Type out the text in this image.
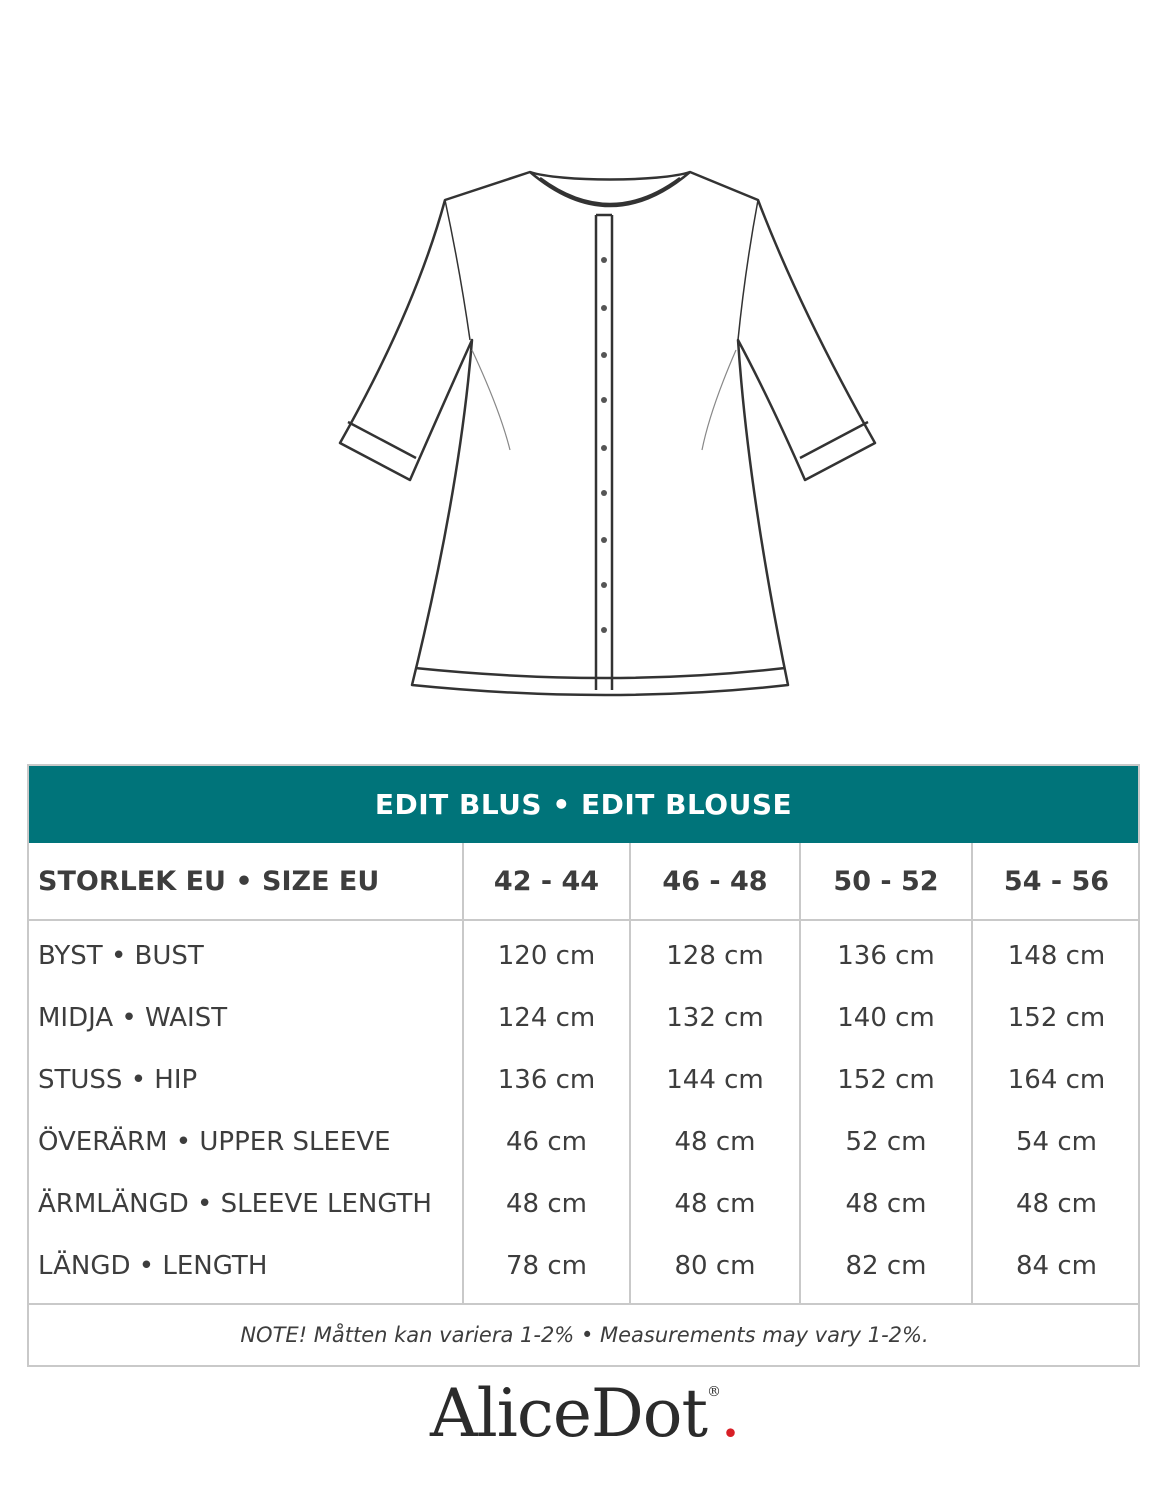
EDIT BLUS • EDIT BLOUSE
STORLEK EU • SIZE EU	42 - 44	46 - 48	50 - 52	54 - 56
BYST • BUST	120 cm	128 cm	136 cm	148 cm
MIDJA • WAIST	124 cm	132 cm	140 cm	152 cm
STUSS • HIP	136 cm	144 cm	152 cm	164 cm
ÖVERÄRM • UPPER SLEEVE	46 cm	48 cm	52 cm	54 cm
ÄRMLÄNGD • SLEEVE LENGTH	48 cm	48 cm	48 cm	48 cm
LÄNGD • LENGTH	78 cm	80 cm	82 cm	84 cm
NOTE! Måtten kan variera 1-2% • Measurements may vary 1-2%.				
AliceDot®.
